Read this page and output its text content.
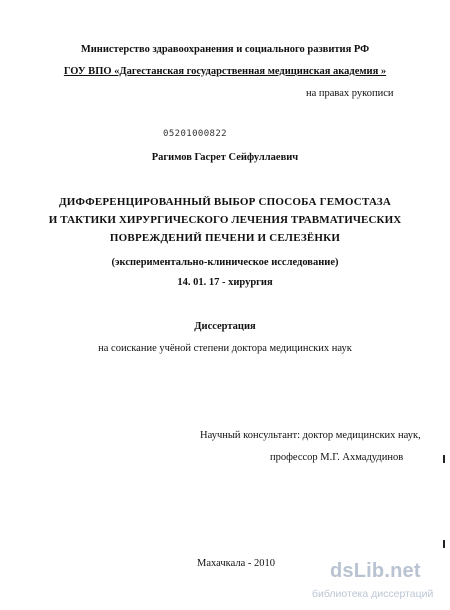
Министерство здравоохранения и социального развития РФ
ГОУ ВПО «Дагестанская государственная медицинская академия »
на правах рукописи
05201000822
Рагимов Гасрет Сейфуллаевич
ДИФФЕРЕНЦИРОВАННЫЙ ВЫБОР СПОСОБА ГЕМОСТАЗА
И ТАКТИКИ ХИРУРГИЧЕСКОГО ЛЕЧЕНИЯ ТРАВМАТИЧЕСКИХ
ПОВРЕЖДЕНИЙ ПЕЧЕНИ И СЕЛЕЗЁНКИ
(экспериментально-клиническое исследование)
14. 01. 17 - хирургия
Диссертация
на соискание учёной степени доктора медицинских наук
Научный консультант: доктор медицинских наук,
профессор М.Г. Ахмадудинов
Махачкала - 2010	dsLib.net
библиотека диссертаций
